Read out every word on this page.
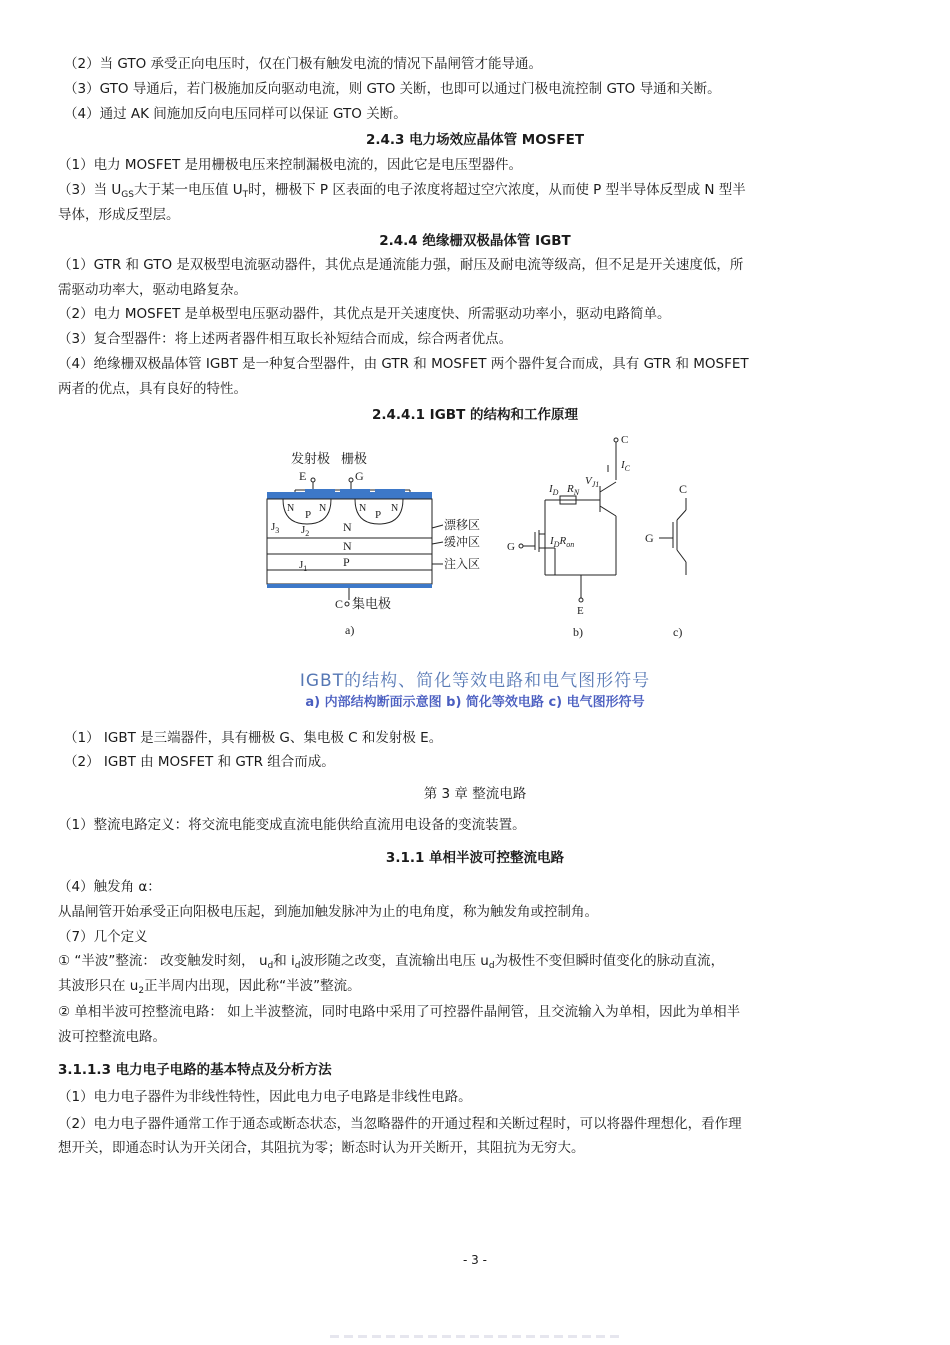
（2）当 GTO 承受正向电压时，仅在门极有触发电流的情况下晶闸管才能导通。
（3）GTO 导通后，若门极施加反向驱动电流，则 GTO 关断，也即可以通过门极电流控制 GTO 导通和关断。
（4）通过 AK 间施加反向电压同样可以保证 GTO 关断。
2.4.3 电力场效应晶体管 MOSFET
（1）电力 MOSFET 是用栅极电压来控制漏极电流的，因此它是电压型器件。
（3）当 $U_{GS}$大于某一电压值 $U_T$时，栅极下 P 区表面的电子浓度将超过空穴浓度，从而使 P 型半导体反型成 N 型半
导体，形成反型层。
2.4.4 绝缘栅双极晶体管 IGBT
（1）GTR 和 GTO 是双极型电流驱动器件，其优点是通流能力强，耐压及耐电流等级高，但不足是开关速度低，所
需驱动功率大，驱动电路复杂。
（2）电力 MOSFET 是单极型电压驱动器件，其优点是开关速度快、所需驱动功率小，驱动电路简单。
（3）复合型器件：将上述两者器件相互取长补短结合而成，综合两者优点。
（4）绝缘栅双极晶体管 IGBT 是一种复合型器件，由 GTR 和 MOSFET 两个器件复合而成，具有 GTR 和 MOSFET
两者的优点，具有良好的特性。
2.4.4.1 IGBT 的结构和工作原理
发射极 栅极
E	G
N
P
N	N
P
N
$J_3$ $J_2$	N
N
$J_1$	P
漂移区
缓冲区
注入区
C 集电极
a)
C
$I_C$
$I_D$ $R_N$
$V_{J1}$
G	$I_DR_{on}$
E
b)
C
G
c)
IGBT的结构、简化等效电路和电气图形符号
a) 内部结构断面示意图 b) 简化等效电路 c) 电气图形符号
（1） IGBT 是三端器件，具有栅极 G、集电极 C 和发射极 E。
（2） IGBT 由 MOSFET 和 GTR 组合而成。
第 3 章 整流电路
（1）整流电路定义：将交流电能变成直流电能供给直流用电设备的变流装置。
3.1.1 单相半波可控整流电路
（4）触发角 α：
从晶闸管开始承受正向阳极电压起，到施加触发脉冲为止的电角度，称为触发角或控制角。
（7）几个定义
① “半波”整流： 改变触发时刻， $u_d$和 $i_d$波形随之改变，直流输出电压 $u_d$为极性不变但瞬时值变化的脉动直流，
其波形只在 $u_2$正半周内出现，因此称“半波”整流。
② 单相半波可控整流电路： 如上半波整流，同时电路中采用了可控器件晶闸管，且交流输入为单相，因此为单相半
波可控整流电路。
3.1.1.3 电力电子电路的基本特点及分析方法
（1）电力电子器件为非线性特性，因此电力电子电路是非线性电路。
（2）电力电子器件通常工作于通态或断态状态，当忽略器件的开通过程和关断过程时，可以将器件理想化，看作理
想开关，即通态时认为开关闭合，其阻抗为零；断态时认为开关断开，其阻抗为无穷大。
- 3 -
